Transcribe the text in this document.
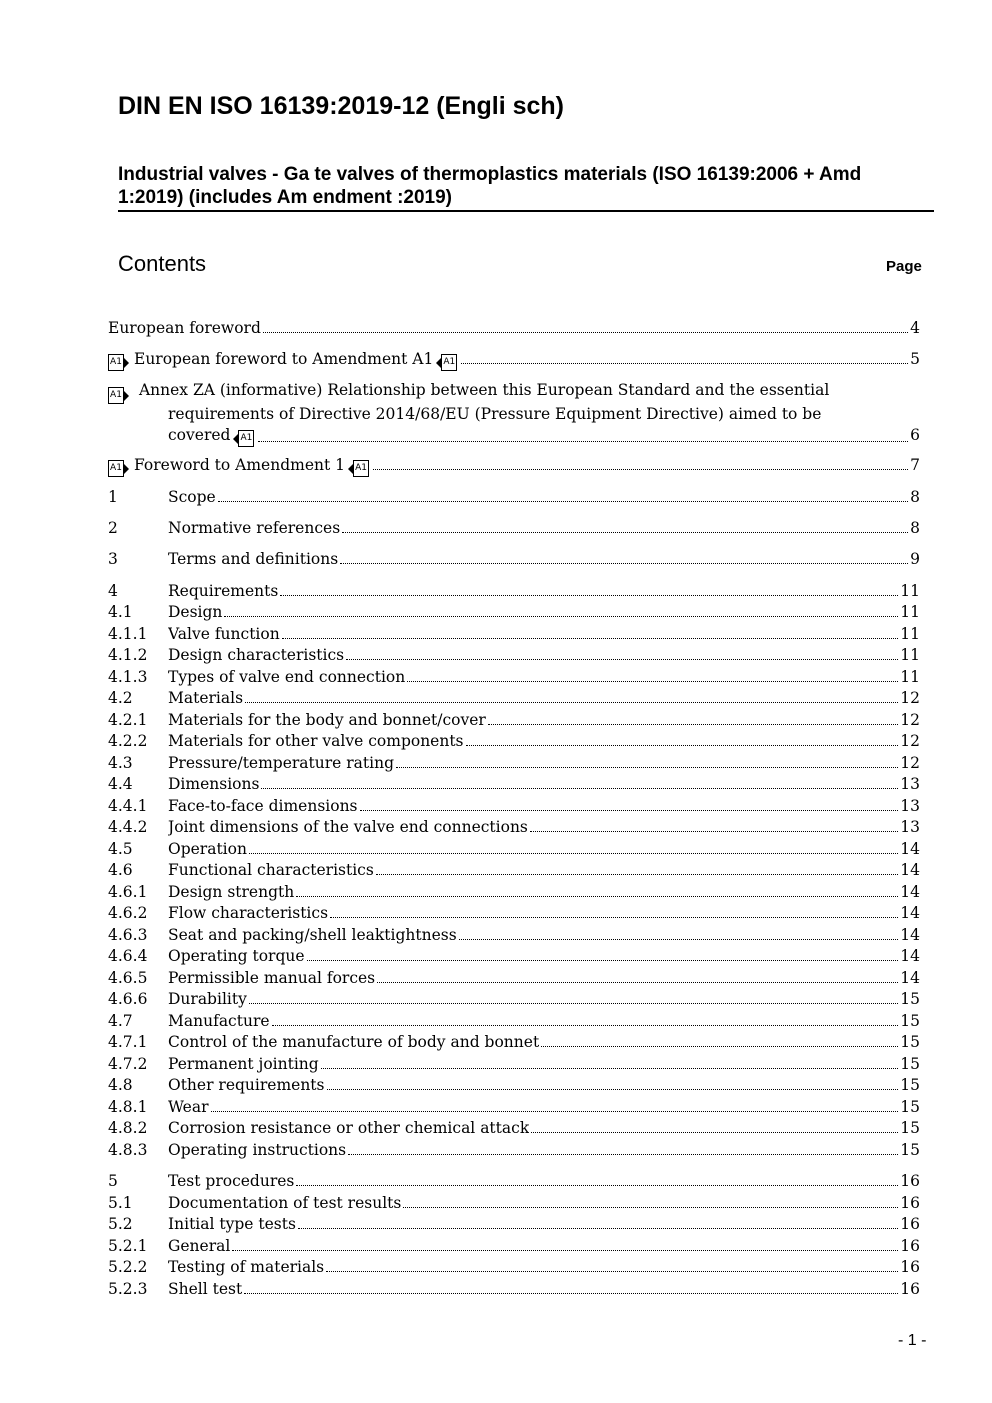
DIN EN ISO 16139:2019-12 (Engli sch)
Industrial valves - Ga te valves of thermoplastics materials (ISO 16139:2006 + Amd
1:2019) (includes Am endment :2019)
Contents	Page
European foreword	4
A1 European foreword to Amendment A1 A1	5
A1 Annex ZA (informative) Relationship between this European Standard and the essential
requirements of Directive 2014/68/EU (Pressure Equipment Directive) aimed to be
covered A1	6
A1 Foreword to Amendment 1 A1	7
1	Scope	8
2	Normative references	8
3	Terms and definitions	9
4	Requirements	11
4.1	Design	11
4.1.1	Valve function	11
4.1.2	Design characteristics	11
4.1.3	Types of valve end connection	11
4.2	Materials	12
4.2.1	Materials for the body and bonnet/cover	12
4.2.2	Materials for other valve components	12
4.3	Pressure/temperature rating	12
4.4	Dimensions	13
4.4.1	Face-to-face dimensions	13
4.4.2	Joint dimensions of the valve end connections	13
4.5	Operation	14
4.6	Functional characteristics	14
4.6.1	Design strength	14
4.6.2	Flow characteristics	14
4.6.3	Seat and packing/shell leaktightness	14
4.6.4	Operating torque	14
4.6.5	Permissible manual forces	14
4.6.6	Durability	15
4.7	Manufacture	15
4.7.1	Control of the manufacture of body and bonnet	15
4.7.2	Permanent jointing	15
4.8	Other requirements	15
4.8.1	Wear	15
4.8.2	Corrosion resistance or other chemical attack	15
4.8.3	Operating instructions	15
5	Test procedures	16
5.1	Documentation of test results	16
5.2	Initial type tests	16
5.2.1	General	16
5.2.2	Testing of materials	16
5.2.3	Shell test	16
- 1 -
